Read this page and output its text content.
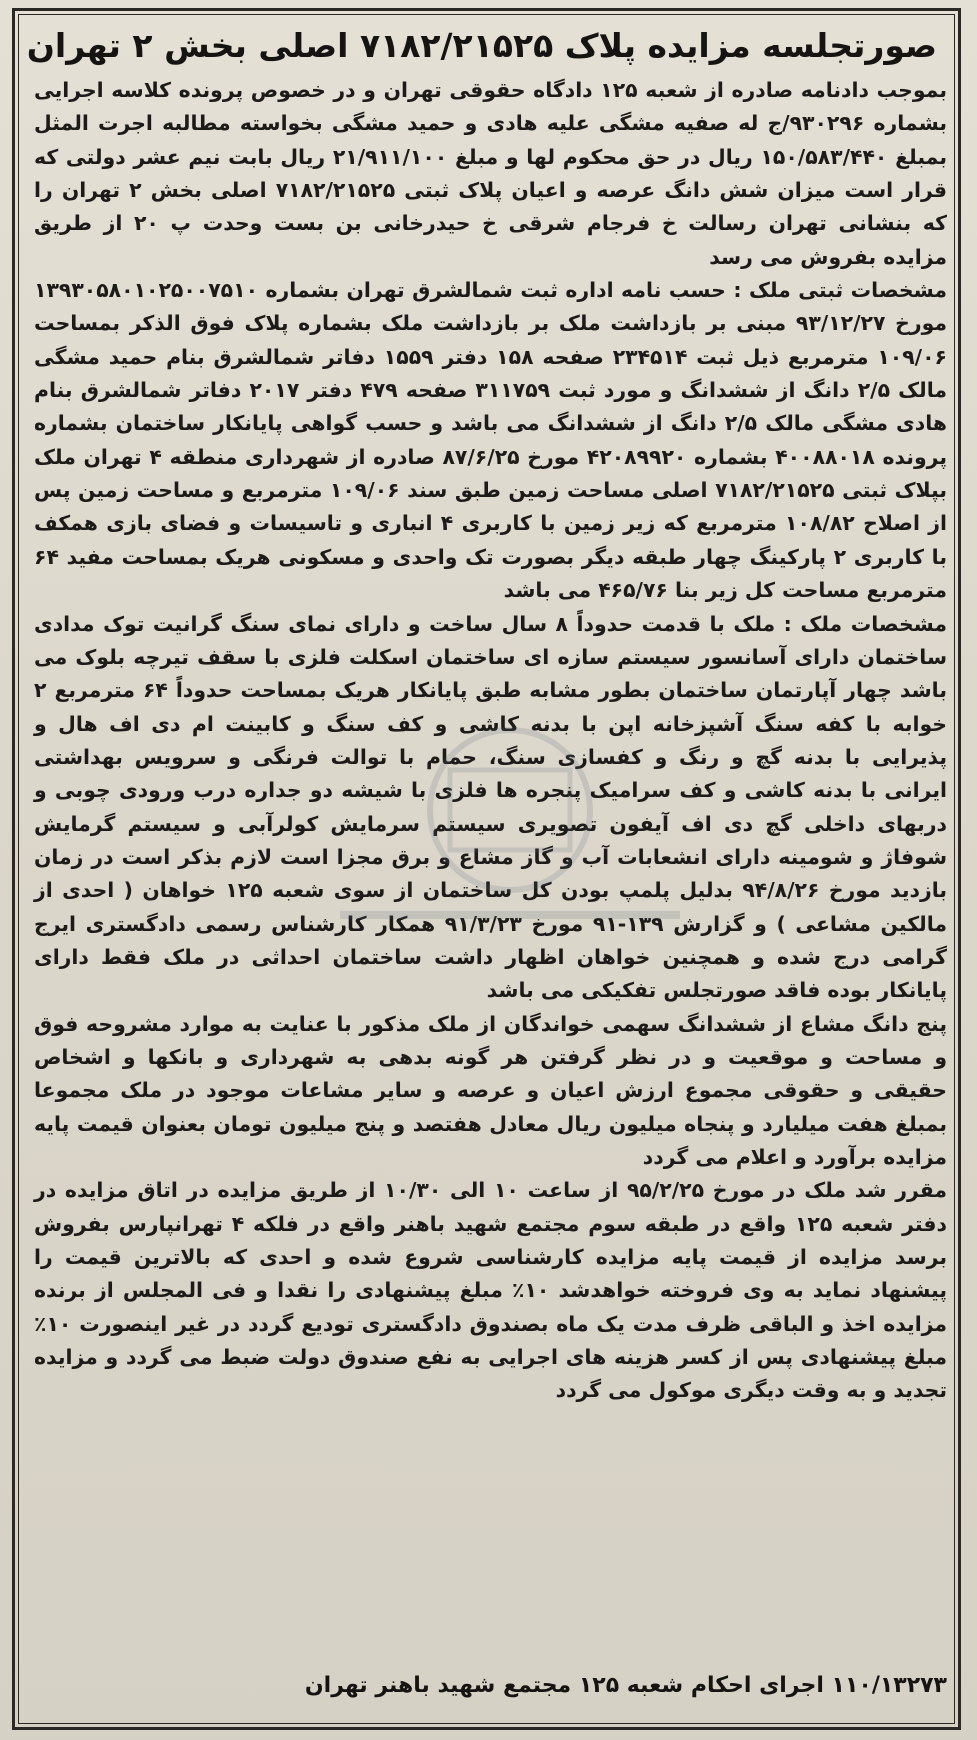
صورتجلسه مزایده پلاک ۷۱۸۲/۲۱۵۲۵ اصلی بخش ۲ تهران

بموجب دادنامه صادره از شعبه ۱۲۵ دادگاه حقوقی تهران و در خصوص پرونده کلاسه اجرایی بشماره ۹۳۰۲۹۶/ج له صفیه مشگی علیه هادی و حمید مشگی بخواسته مطالبه اجرت المثل بمبلغ ۱۵۰/۵۸۳/۴۴۰ ریال در حق محکوم لها و مبلغ ۲۱/۹۱۱/۱۰۰ ریال بابت نیم عشر دولتی که قرار است میزان شش دانگ عرصه و اعیان پلاک ثبتی ۷۱۸۲/۲۱۵۲۵ اصلی بخش ۲ تهران را که بنشانی تهران رسالت خ فرجام شرقی خ حیدرخانی بن بست وحدت پ ۲۰ از طریق مزایده بفروش می رسد

مشخصات ثبتی ملک : حسب نامه اداره ثبت شمالشرق تهران بشماره ۱۳۹۳۰۵۸۰۱۰۲۵۰۰۷۵۱۰ مورخ ۹۳/۱۲/۲۷ مبنی بر بازداشت ملک بر بازداشت ملک بشماره پلاک فوق الذکر بمساحت ۱۰۹/۰۶ مترمربع ذیل ثبت ۲۳۴۵۱۴ صفحه ۱۵۸ دفتر ۱۵۵۹ دفاتر شمالشرق بنام حمید مشگی مالک ۲/۵ دانگ از ششدانگ و مورد ثبت ۳۱۱۷۵۹ صفحه ۴۷۹ دفتر ۲۰۱۷ دفاتر شمالشرق بنام هادی مشگی مالک ۲/۵ دانگ از ششدانگ می باشد و حسب گواهی پایانکار ساختمان بشماره پرونده ۴۰۰۸۸۰۱۸ بشماره ۴۲۰۸۹۹۲۰ مورخ ۸۷/۶/۲۵ صادره از شهرداری منطقه ۴ تهران ملک بپلاک ثبتی ۷۱۸۲/۲۱۵۲۵ اصلی مساحت زمین طبق سند ۱۰۹/۰۶ مترمربع و مساحت زمین پس از اصلاح ۱۰۸/۸۲ مترمربع که زیر زمین با کاربری ۴ انباری و تاسیسات و فضای بازی همکف با کاربری ۲ پارکینگ چهار طبقه دیگر بصورت تک واحدی و مسکونی هریک بمساحت مفید ۶۴ مترمربع مساحت کل زیر بنا ۴۶۵/۷۶ می باشد

مشخصات ملک : ملک با قدمت حدوداً ۸ سال ساخت و دارای نمای سنگ گرانیت توک مدادی ساختمان دارای آسانسور سیستم سازه ای ساختمان اسکلت فلزی با سقف تیرچه بلوک می باشد چهار آپارتمان ساختمان بطور مشابه طبق پایانکار هریک بمساحت حدوداً ۶۴ مترمربع ۲ خوابه با کفه سنگ آشپزخانه اپن با بدنه کاشی و کف سنگ و کابینت ام دی اف هال و پذیرایی با بدنه گچ و رنگ و کفسازی سنگ، حمام با توالت فرنگی و سرویس بهداشتی ایرانی با بدنه کاشی و کف سرامیک پنجره ها فلزی با شیشه دو جداره درب ورودی چوبی و دربهای داخلی گچ دی اف آیفون تصویری سیستم سرمایش کولرآبی و سیستم گرمایش شوفاژ و شومینه دارای انشعابات آب و گاز مشاع و برق مجزا است لازم بذکر است در زمان بازدید مورخ ۹۴/۸/۲۶ بدلیل پلمپ بودن کل ساختمان از سوی شعبه ۱۲۵ خواهان ( احدی از مالکین مشاعی ) و گزارش ۱۳۹-۹۱ مورخ ۹۱/۳/۲۳ همکار کارشناس رسمی دادگستری ایرج گرامی درج شده و همچنین خواهان اظهار داشت ساختمان احداثی در ملک فقط دارای پایانکار بوده فاقد صورتجلس تفکیکی می باشد

پنج دانگ مشاع از ششدانگ سهمی خواندگان از ملک مذکور با عنایت به موارد مشروحه فوق و مساحت و موقعیت و در نظر گرفتن هر گونه بدهی به شهرداری و بانکها و اشخاص حقیقی و حقوقی مجموع ارزش اعیان و عرصه و سایر مشاعات موجود در ملک مجموعا بمبلغ هفت میلیارد و پنجاه میلیون ریال معادل هفتصد و پنج میلیون تومان بعنوان قیمت پایه مزایده برآورد و اعلام می گردد

مقرر شد ملک در مورخ ۹۵/۲/۲۵ از ساعت ۱۰ الی ۱۰/۳۰ از طریق مزایده در اتاق مزایده در دفتر شعبه ۱۲۵ واقع در طبقه سوم مجتمع شهید باهنر واقع در فلکه ۴ تهرانپارس بفروش برسد مزایده از قیمت پایه مزایده کارشناسی شروع شده و احدی که بالاترین قیمت را پیشنهاد نماید به وی فروخته خواهدشد ۱۰٪ مبلغ پیشنهادی را نقدا و فی المجلس از برنده مزایده اخذ و الباقی ظرف مدت یک ماه بصندوق دادگستری تودیع گردد در غیر اینصورت ۱۰٪ مبلغ پیشنهادی پس از کسر هزینه های اجرایی به نفع صندوق دولت ضبط می گردد و مزایده تجدید و به وقت دیگری موکول می گردد

۱۱۰/۱۳۲۷۳ اجرای احکام شعبه ۱۲۵ مجتمع شهید باهنر تهران
